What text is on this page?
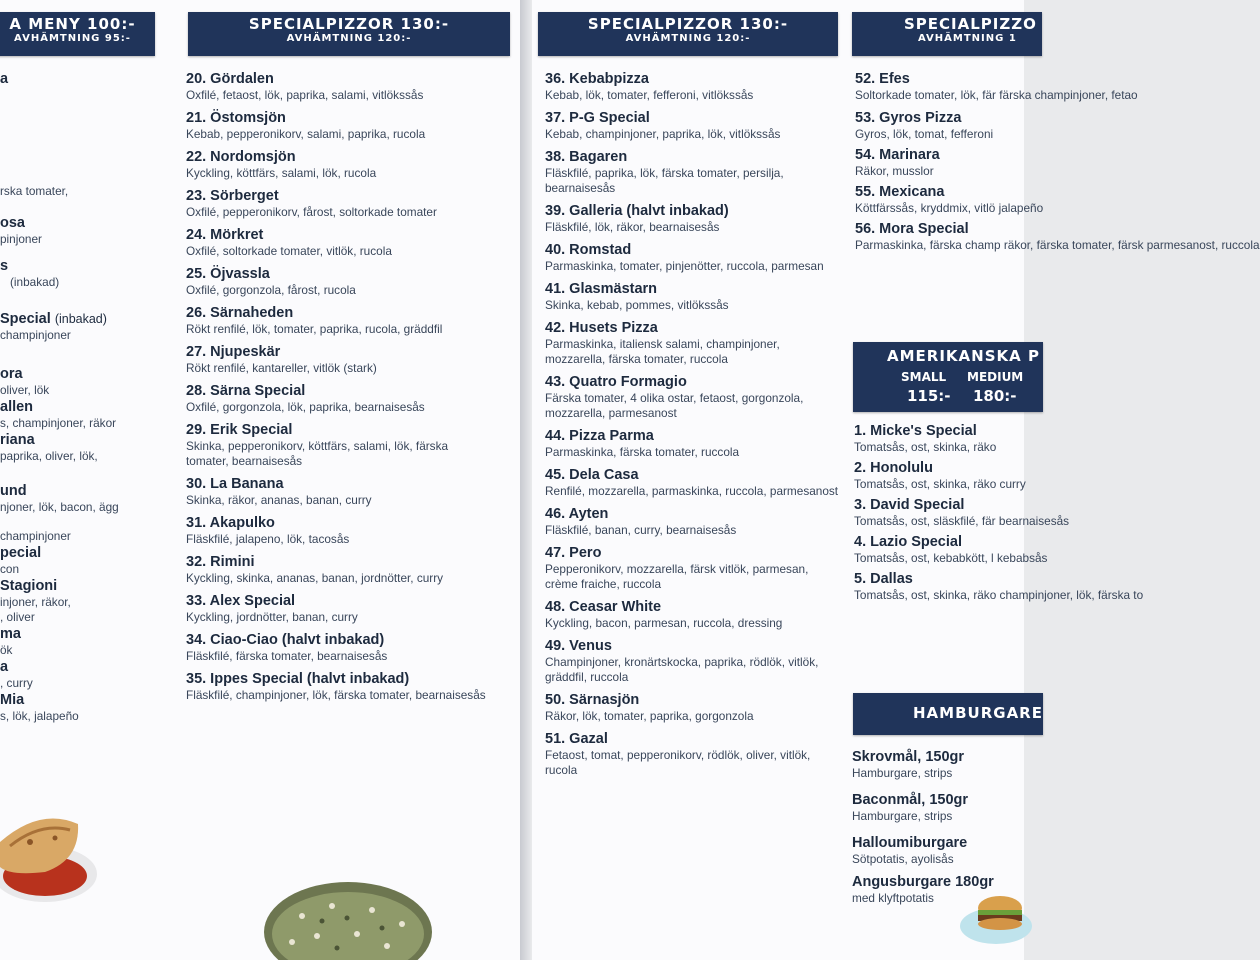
A MENY 100:-
AVHÄMTNING 95:-
SPECIALPIZZOR 130:-
AVHÄMTNING 120:-
a
rska tomater,
osa
pinjoner
s
(inbakad)
Special (inbakad)
champinjoner
ora
oliver, lök
allen
s, champinjoner, räkor
riana
paprika, oliver, lök,
und
njoner, lök, bacon, ägg
champinjoner
pecial
con
Stagioni
injoner, räkor,
, oliver
ma
ök
a
, curry
Mia
s, lök, jalapeño
20. Gördalen
Oxfilé, fetaost, lök, paprika, salami, vitlökssås
21. Östomsjön
Kebab, pepperonikorv, salami, paprika, rucola
22. Nordomsjön
Kyckling, köttfärs, salami, lök, rucola
23. Sörberget
Oxfilé, pepperonikorv, fårost, soltorkade tomater
24. Mörkret
Oxfilé, soltorkade tomater, vitlök, rucola
25. Öjvassla
Oxfilé, gorgonzola, fårost, rucola
26. Särnaheden
Rökt renfilé, lök, tomater, paprika, rucola, gräddfil
27. Njupeskär
Rökt renfilé, kantareller, vitlök (stark)
28. Särna Special
Oxfilé, gorgonzola, lök, paprika, bearnaisesås
29. Erik Special
Skinka, pepperonikorv, köttfärs, salami, lök, färska tomater, bearnaisesås
30. La Banana
Skinka, räkor, ananas, banan, curry
31. Akapulko
Fläskfilé, jalapeno, lök, tacosås
32. Rimini
Kyckling, skinka, ananas, banan, jordnötter, curry
33. Alex Special
Kyckling, jordnötter, banan, curry
34. Ciao-Ciao (halvt inbakad)
Fläskfilé, färska tomater, bearnaisesås
35. Ippes Special (halvt inbakad)
Fläskfilé, champinjoner, lök, färska tomater, bearnaisesås
SPECIALPIZZOR 130:-
AVHÄMTNING 120:-
SPECIALPIZZO
AVHÄMTNING 1
36. Kebabpizza
Kebab, lök, tomater, fefferoni, vitlökssås
37. P-G Special
Kebab, champinjoner, paprika, lök, vitlökssås
38. Bagaren
Fläskfilé, paprika, lök, färska tomater, persilja, bearnaisesås
39. Galleria (halvt inbakad)
Fläskfilé, lök, räkor, bearnaisesås
40. Romstad
Parmaskinka, tomater, pinjenötter, ruccola, parmesan
41. Glasmästarn
Skinka, kebab, pommes, vitlökssås
42. Husets Pizza
Parmaskinka, italiensk salami, champinjoner, mozzarella, färska tomater, ruccola
43. Quatro Formagio
Färska tomater, 4 olika ostar, fetaost, gorgonzola, mozzarella, parmesanost
44. Pizza Parma
Parmaskinka, färska tomater, ruccola
45. Dela Casa
Renfilé, mozzarella, parmaskinka, ruccola, parmesanost
46. Ayten
Fläskfilé, banan, curry, bearnaisesås
47. Pero
Pepperonikorv, mozzarella, färsk vitlök, parmesan, crème fraiche, ruccola
48. Ceasar White
Kyckling, bacon, parmesan, ruccola, dressing
49. Venus
Champinjoner, kronärtskocka, paprika, rödlök, vitlök, gräddfil, ruccola
50. Särnasjön
Räkor, lök, tomater, paprika, gorgonzola
51. Gazal
Fetaost, tomat, pepperonikorv, rödlök, oliver, vitlök, rucola
52. Efes
Soltorkade tomater, lök, fär färska champinjoner, fetao
53. Gyros Pizza
Gyros, lök, tomat, fefferoni
54. Marinara
Räkor, musslor
55. Mexicana
Köttfärssås, kryddmix, vitlö jalapeño
56. Mora Special
Parmaskinka, färska champ räkor, färska tomater, färsk parmesanost, ruccola
AMERIKANSKA P
SMALL MEDIUM
115:- 180:-
1. Micke's Special
Tomatsås, ost, skinka, räko
2. Honolulu
Tomatsås, ost, skinka, räko curry
3. David Special
Tomatsås, ost, släskfilé, fär bearnaisesås
4. Lazio Special
Tomatsås, ost, kebabkött, l kebabsås
5. Dallas
Tomatsås, ost, skinka, räko champinjoner, lök, färska to
HAMBURGARE
Skrovmål, 150gr
Hamburgare, strips
Baconmål, 150gr
Hamburgare, strips
Halloumiburgare
Sötpotatis, ayolisås
Angusburgare 180gr
med klyftpotatis
